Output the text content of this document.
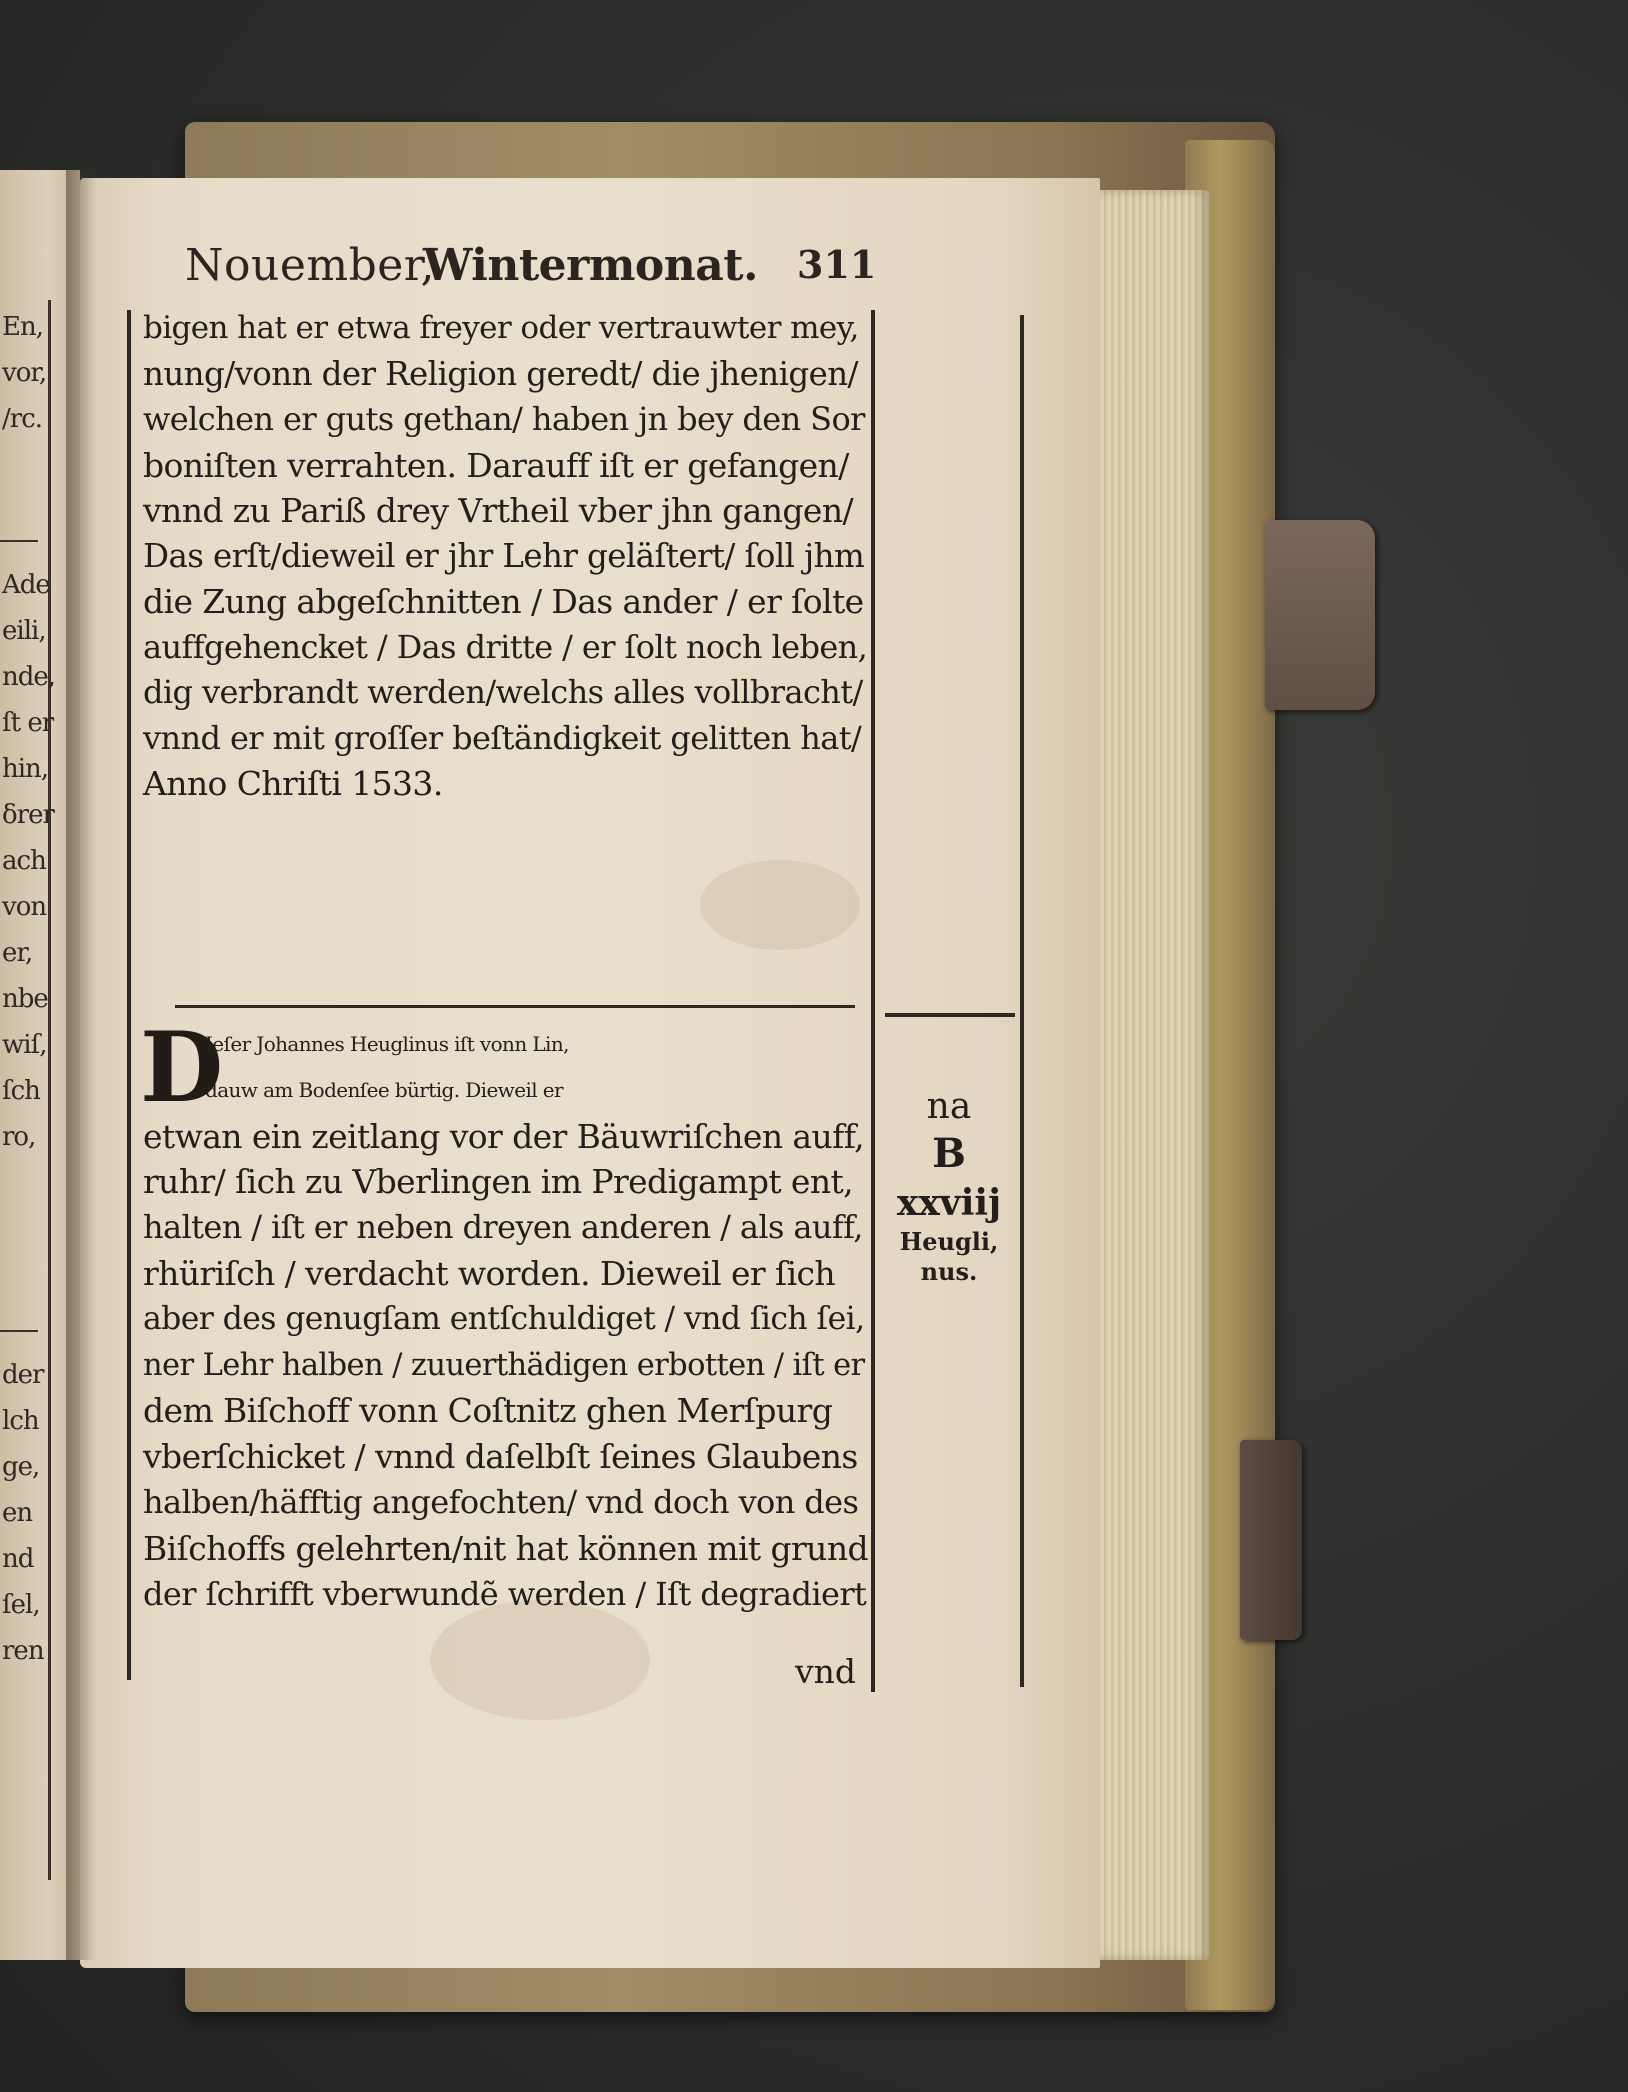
En,
vor,
/rc.
Ade
eili,
nde,
ſt er
hin,
ẟrer
ach
von
er,
nbe
wiſ,
ſch
ro,
der
lch
ge,
en
nd
ſel,
ren
Nouember,
Wintermonat. 311
bigen hat er etwa freyer oder vertrauwter mey,
nung/vonn der Religion geredt/ die jhenigen/
welchen er guts gethan/ haben jn bey den Sor
boniſten verrahten. Darauff iſt er gefangen/
vnnd zu Pariß drey Vrtheil vber jhn gangen/
Das erſt/dieweil er jhr Lehr geläſtert/ ſoll jhm
die Zung abgeſchnitten / Das ander / er ſolte
auffgehencket / Das dritte / er ſolt noch leben,
dig verbrandt werden/welchs alles vollbracht/
vnnd er mit groſſer beſtändigkeit gelitten hat/
Anno Chriſti 1533.
D
Ieſer Johannes Heuglinus iſt vonn Lin,
dauw am Bodenſee bürtig. Dieweil er
etwan ein zeitlang vor der Bäuwriſchen auff,
ruhr/ ſich zu Vberlingen im Predigampt ent,
halten / iſt er neben dreyen anderen / als auff,
rhüriſch / verdacht worden. Dieweil er ſich
aber des genugſam entſchuldiget / vnd ſich ſei,
ner Lehr halben / zuuerthädigen erbotten / iſt er
dem Biſchoff vonn Coſtnitz ghen Merſpurg
vberſchicket / vnnd daſelbſt ſeines Glaubens
halben/häfftig angefochten/ vnd doch von des
Biſchoffs gelehrten/nit hat können mit grund
der ſchrifft vberwundẽ werden / Iſt degradiert
vnd
na
B
xxviij
Heugli,
nus.
